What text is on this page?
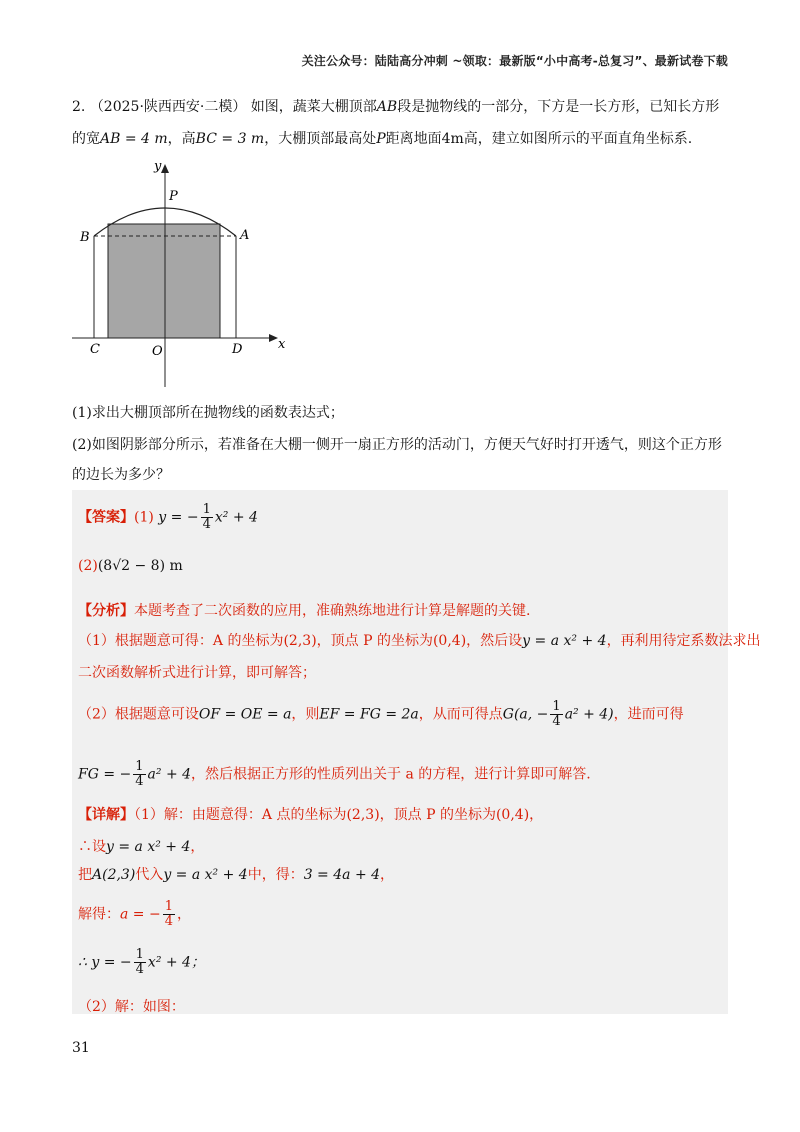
关注公众号：陆陆高分冲刺 ~领取：最新版“小中高考-总复习”、最新试卷下载
2. （2025·陕西西安·二模） 如图，蔬菜大棚顶部AB段是抛物线的一部分，下方是一长方形，已知长方形
的宽AB = 4 m，高BC = 3 m，大棚顶部最高处P距离地面4m高，建立如图所示的平面直角坐标系.
y
x
P
B	A
C	O	D
(1)求出大棚顶部所在抛物线的函数表达式；
(2)如图阴影部分所示，若准备在大棚一侧开一扇正方形的活动门，方便天气好时打开透气，则这个正方形
的边长为多少？
【答案】(1) y = − $\frac{1}{4} x^2 + 4$
(2)(8√2 − 8) m
【分析】本题考查了二次函数的应用，准确熟练地进行计算是解题的关键.
（1）根据题意可得：A 的坐标为(2,3)，顶点 P 的坐标为(0,4)，然后设y = a x² + 4，再利用待定系数法求出
二次函数解析式进行计算，即可解答；
（2）根据题意可设OF = OE = a，则EF = FG = 2a，从而可得点G(a, − $\frac{1}{4} a^2 + 4$)，进而可得
FG = − $\frac{1}{4} a^2 + 4$，然后根据正方形的性质列出关于 a 的方程，进行计算即可解答.
【详解】（1）解：由题意得：A 点的坐标为(2,3)，顶点 P 的坐标为(0,4)，
∴设y = a x² + 4，
把A(2,3)代入y = a x² + 4中，得：3 = 4a + 4，
解得：a = − $\frac{1}{4}$ ，
∴ y = − $\frac{1}{4} x^2 + 4$；
（2）解：如图：
31
